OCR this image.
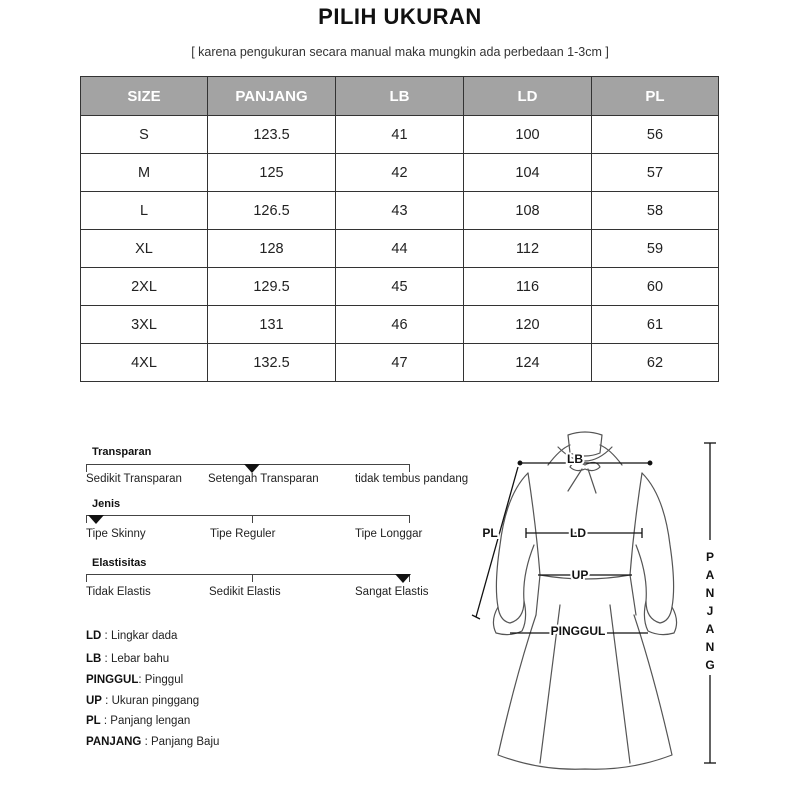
PILIH UKURAN
[ karena pengukuran secara manual maka mungkin ada perbedaan 1-3cm ]
SIZE	PANJANG	LB	LD	PL
S	123.5	41	100	56
M	125	42	104	57
L	126.5	43	108	58
XL	128	44	112	59
2XL	129.5	45	116	60
3XL	131	46	120	61
4XL	132.5	47	124	62
Transparan
Sedikit Transparan Setengah Transparan	tidak tembus pandang
Jenis
Tipe Skinny	Tipe Reguler	Tipe Longgar
Elastisitas
Tidak Elastis	Sedikit Elastis	Sangat Elastis
LD : Lingkar dada
LB : Lebar bahu
PINGGUL: Pinggul
UP : Ukuran pinggang
PL : Panjang lengan
PANJANG : Panjang Baju
LB
LD
UP
PINGGUL
PL
P
A
N
J
A
N
G
